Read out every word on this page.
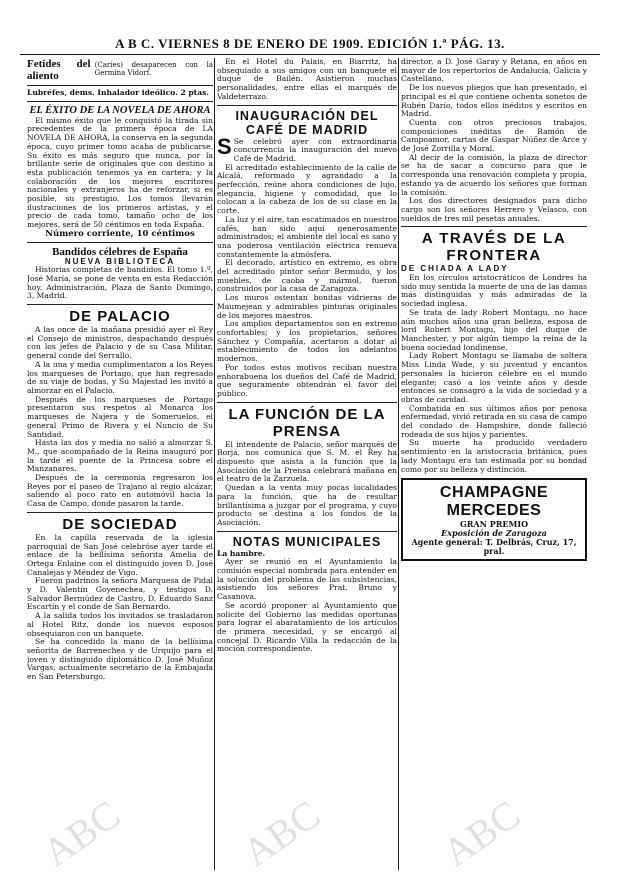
A B C. VIERNES 8 DE ENERO DE 1909. EDICIÓN 1.ª PÁG. 13.
Fetides del aliento
(Caries) desaparecen con la Germina Vidorf.

Lubréfes, dems. Inhalador ideólico. 2 ptas.

EL ÉXITO DE LA NOVELA DE AHORA

El mismo éxito que le conquistó la tirada sin precedentes de la primera época de LA NOVELA DE AHORA, la conserva en la segunda época, cuyo primer tomo acaba de publicarse. Su éxito es más seguro que nunca, por la brillante serie de originales que con destino a esta publicación tenemos ya en cartera; y la colaboración de los mejores escritores nacionales y extranjeros ha de reforzar, si es posible, su prestigio. Los tomos llevarán ilustraciones de los primeros artistas, y el precio de cada tomo, tamaño ocho de los mejores, será de 50 céntimos en toda España.

Número corriente, 10 céntimos

Bandidos célebres de España
NUEVA BIBLIOTECA

Historias completas de bandidos. El tomo 1.º, José María, se pone de venta en esta Redacción hoy. Administración, Plaza de Santo Domingo, 3, Madrid.

DE PALACIO

A las once de la mañana presidió ayer el Rey el Consejo de ministros, despachando después con los jefes de Palacio y de su Casa Militar, general conde del Serrallo.

A la una y media cumplimentaron a los Reyes los marqueses de Portago, que han regresado de su viaje de bodas, y Su Majestad les invitó a almorzar en el Palacio.

Después de los marqueses de Portago presentaron sus respetos al Monarca los marqueses de Najera y de Someruelos, el general Primo de Rivera y el Nuncio de Su Santidad.

Hasta las dos y media no salió a almorzar S. M., que acompañado de la Reina inauguró por la tarde el puente de la Princesa sobre el Manzanares.

Después de la ceremonia regresaron los Reyes por el paseo de Trajano al regio alcázar, saliendo al poco rato en automóvil hacia la Casa de Campo, donde pasaron la tarde.

DE SOCIEDAD

En la capilla reservada de la iglesia parroquial de San José celebróse ayer tarde el enlace de la bellísima señorita Amelia de Ortega Enlaine con el distinguido joven D. José Canalejas y Méndez de Vigo.

Fueron padrinos la señora Marquesa de Pidal y D. Valentín Goyenechea, y testigos D. Salvador Bermúdez de Castro, D. Eduardo Sanz Escartín y el conde de San Bernardo.

A la salida todos los invitados se trasladaron al Hotel Ritz, donde los nuevos esposos obsequiaron con un banquete.

Se ha concedido la mano de la bellísima señorita de Barrenechea y de Urquijo para el joven y distinguido diplomático D. José Muñoz Vargas, actualmente secretario de la Embajada en San Petersburgo.

En el Hotel du Palais, en Biarritz, ha obsequiado a sus amigos con un banquete el duque de Bailén. Asistieron muchas personalidades, entre ellas el marqués de Valdeterrazo.

INAUGURACIÓN DEL CAFÉ DE MADRID

S Se celebró ayer con extraordinaria concurrencia la inauguración del nuevo Café de Madrid.

El acreditado establecimiento de la calle de Alcalá, reformado y agrandado a la perfección, reúne ahora condiciones de lujo, elegancia, higiene y comodidad, que lo colocan a la cabeza de los de su clase en la corte.

La luz y el aire, tan escatimados en nuestros cafés, han sido aquí generosamente administrados; el ambiente del local es sano y una poderosa ventilación eléctrica renueva constantemente la atmósfera.

El decorado, artístico en extremo, es obra del acreditado pintor señor Bermudo, y los muebles, de caoba y mármol, fueron construidos por la casa de Zaragoza.

Los muros ostentan bonitas vidrieras de Maumejean y admirables pinturas originales de los mejores maestros.

Los amplios departamentos son en extremo confortables; y los propietarios, señores Sánchez y Compañía, acertaron a dotar al establecimiento de todos los adelantos modernos.

Por todos estos motivos reciban nuestra enhorabuena los dueños del Café de Madrid, que seguramente obtendrán el favor del público.

LA FUNCIÓN DE LA PRENSA

El intendente de Palacio, señor marqués de Borja, nos comunica que S. M. el Rey ha dispuesto que asista a la función que la Asociación de la Prensa celebrará mañana en el teatro de la Zarzuela.

Quedan a la venta muy pocas localidades para la función, que ha de resultar brillantísima a juzgar por el programa, y cuyo producto se destina a los fondos de la Asociación.

NOTAS MUNICIPALES

La hambre.

Ayer se reunió en el Ayuntamiento la comisión especial nombrada para entender en la solución del problema de las subsistencias, asistiendo los señores Prat, Bruno y Casanova.

Se acordó proponer al Ayuntamiento que solicite del Gobierno las medidas oportunas para lograr el abaratamiento de los artículos de primera necesidad, y se encargó al concejal D. Ricardo Villa la redacción de la moción correspondiente.

director, a D. José Garay y Retana, en años en mayor de los repertorios de Andalucía, Galicia y Castellano.

De los nuevos pliegos que han presentado, el principal es el que contiene ochenta sonetos de Rubén Darío, todos ellos inéditos y escritos en Madrid.

Cuenta con otros preciosos trabajos, composiciones inéditas de Ramón de Campoamor, cartas de Gaspar Núñez de Arce y de José Zorrilla y Moral.

Al decir de la comisión, la plaza de director se ha de sacar a concurso para que le corresponda una renovación completa y propia, estando ya de acuerdo los señores que forman la comisión.

Los dos directores designados para dicho cargo son los señores Herrero y Velasco, con sueldos de tres mil pesetas anuales.

A TRAVÉS DE LA FRONTERA
DE CHIADA A LADY

En los círculos aristocráticos de Londres ha sido muy sentida la muerte de una de las damas más distinguidas y más admiradas de la sociedad inglesa.

Se trata de lady Robert Montagu, no hace aún muchos años una gran belleza, esposa de lord Robert Montagu, hijo del duque de Manchester, y por algún tiempo la reina de la buena sociedad londinense.

Lady Robert Montagu se llamaba de soltera Miss Linda Wade, y su juventud y encantos personales la hicieron célebre en el mundo elegante; casó a los veinte años y desde entonces se consagró a la vida de sociedad y a obras de caridad.

Combatida en sus últimos años por penosa enfermedad, vivió retirada en su casa de campo del condado de Hampshire, donde falleció rodeada de sus hijos y parientes.

Su muerte ha producido verdadero sentimiento en la aristocracia británica, pues lady Montagu era tan estimada por su bondad como por su belleza y distinción.

CHAMPAGNE MERCEDES
GRAN PREMIO
Exposición de Zaragoza
Agente general: T. Delbrás, Cruz, 17, pral.
ABC	ABC	ABC
